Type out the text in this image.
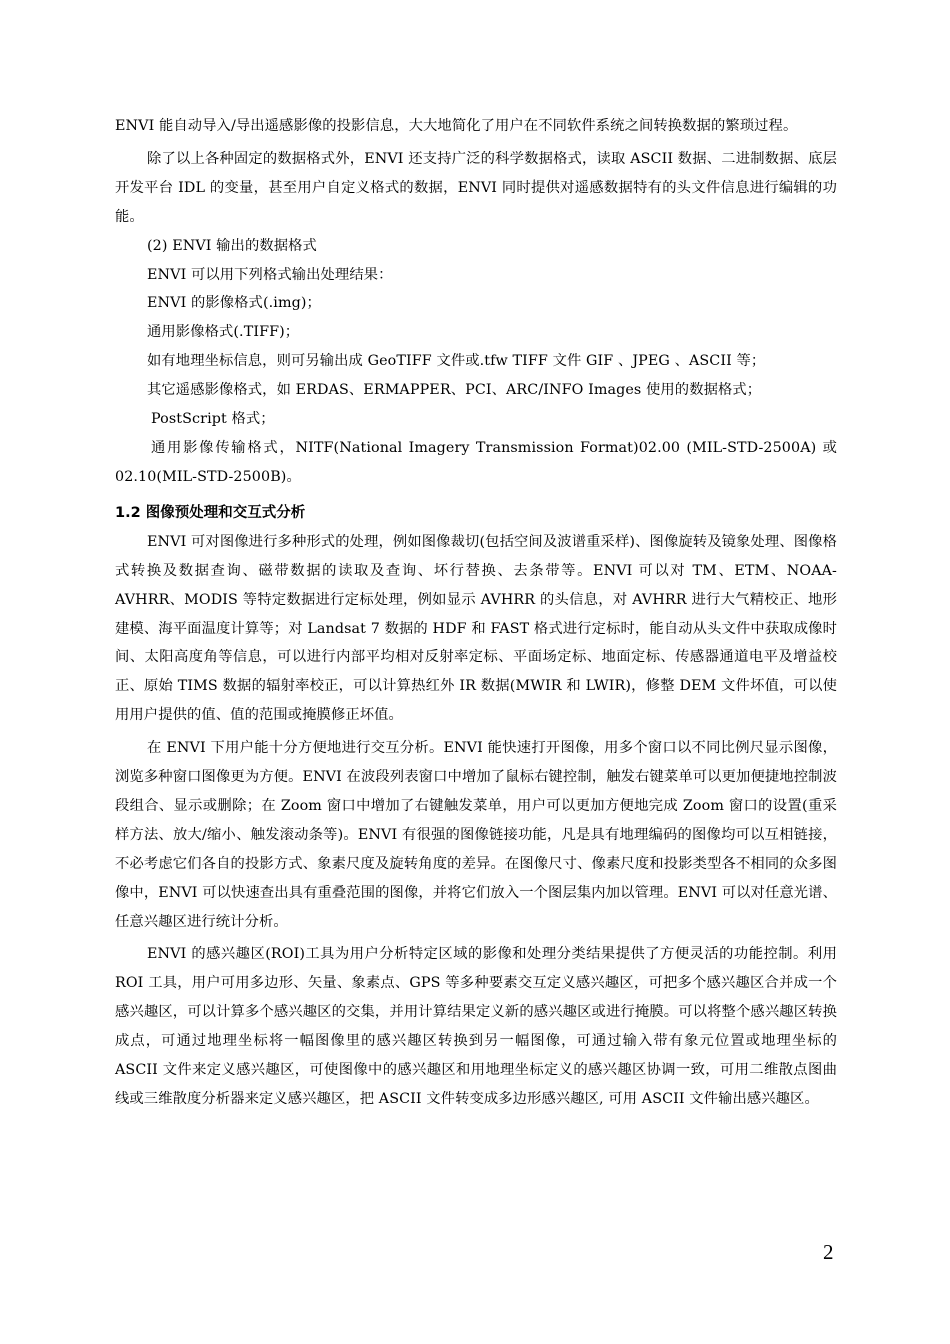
ENVI 能自动导入/导出遥感影像的投影信息，大大地简化了用户在不同软件系统之间转换数据的繁琐过程。

除了以上各种固定的数据格式外，ENVI 还支持广泛的科学数据格式，读取 ASCII 数据、二进制数据、底层开发平台 IDL 的变量，甚至用户自定义格式的数据，ENVI 同时提供对遥感数据特有的头文件信息进行编辑的功能。

(2) ENVI 输出的数据格式

ENVI 可以用下列格式输出处理结果：

ENVI 的影像格式(.img)；

通用影像格式(.TIFF)；

如有地理坐标信息，则可另输出成 GeoTIFF 文件或.tfw TIFF 文件 GIF 、JPEG 、ASCII 等；

其它遥感影像格式，如 ERDAS、ERMAPPER、PCI、ARC/INFO Images 使用的数据格式；

PostScript 格式；

通用影像传输格式，NITF(National Imagery Transmission Format)02.00 (MIL-STD-2500A) 或 02.10(MIL-STD-2500B)。

1.2 图像预处理和交互式分析

ENVI 可对图像进行多种形式的处理，例如图像裁切(包括空间及波谱重采样)、图像旋转及镜象处理、图像格式转换及数据查询、磁带数据的读取及查询、坏行替换、去条带等。ENVI 可以对 TM、ETM、NOAA-AVHRR、MODIS 等特定数据进行定标处理，例如显示 AVHRR 的头信息，对 AVHRR 进行大气精校正、地形建模、海平面温度计算等；对 Landsat 7 数据的 HDF 和 FAST 格式进行定标时，能自动从头文件中获取成像时间、太阳高度角等信息，可以进行内部平均相对反射率定标、平面场定标、地面定标、传感器通道电平及增益校正、原始 TIMS 数据的辐射率校正，可以计算热红外 IR 数据(MWIR 和 LWIR)，修整 DEM 文件坏值，可以使用用户提供的值、值的范围或掩膜修正坏值。

在 ENVI 下用户能十分方便地进行交互分析。ENVI 能快速打开图像，用多个窗口以不同比例尺显示图像，浏览多种窗口图像更为方便。ENVI 在波段列表窗口中增加了鼠标右键控制，触发右键菜单可以更加便捷地控制波段组合、显示或删除；在 Zoom 窗口中增加了右键触发菜单，用户可以更加方便地完成 Zoom 窗口的设置(重采样方法、放大/缩小、触发滚动条等)。ENVI 有很强的图像链接功能，凡是具有地理编码的图像均可以互相链接，不必考虑它们各自的投影方式、象素尺度及旋转角度的差异。在图像尺寸、像素尺度和投影类型各不相同的众多图像中，ENVI 可以快速查出具有重叠范围的图像，并将它们放入一个图层集内加以管理。ENVI 可以对任意光谱、任意兴趣区进行统计分析。

ENVI 的感兴趣区(ROI)工具为用户分析特定区域的影像和处理分类结果提供了方便灵活的功能控制。利用 ROI 工具，用户可用多边形、矢量、象素点、GPS 等多种要素交互定义感兴趣区，可把多个感兴趣区合并成一个感兴趣区，可以计算多个感兴趣区的交集，并用计算结果定义新的感兴趣区或进行掩膜。可以将整个感兴趣区转换成点，可通过地理坐标将一幅图像里的感兴趣区转换到另一幅图像，可通过输入带有象元位置或地理坐标的 ASCII 文件来定义感兴趣区，可使图像中的感兴趣区和用地理坐标定义的感兴趣区协调一致，可用二维散点图曲线或三维散度分析器来定义感兴趣区，把 ASCII 文件转变成多边形感兴趣区, 可用 ASCII 文件输出感兴趣区。

2
